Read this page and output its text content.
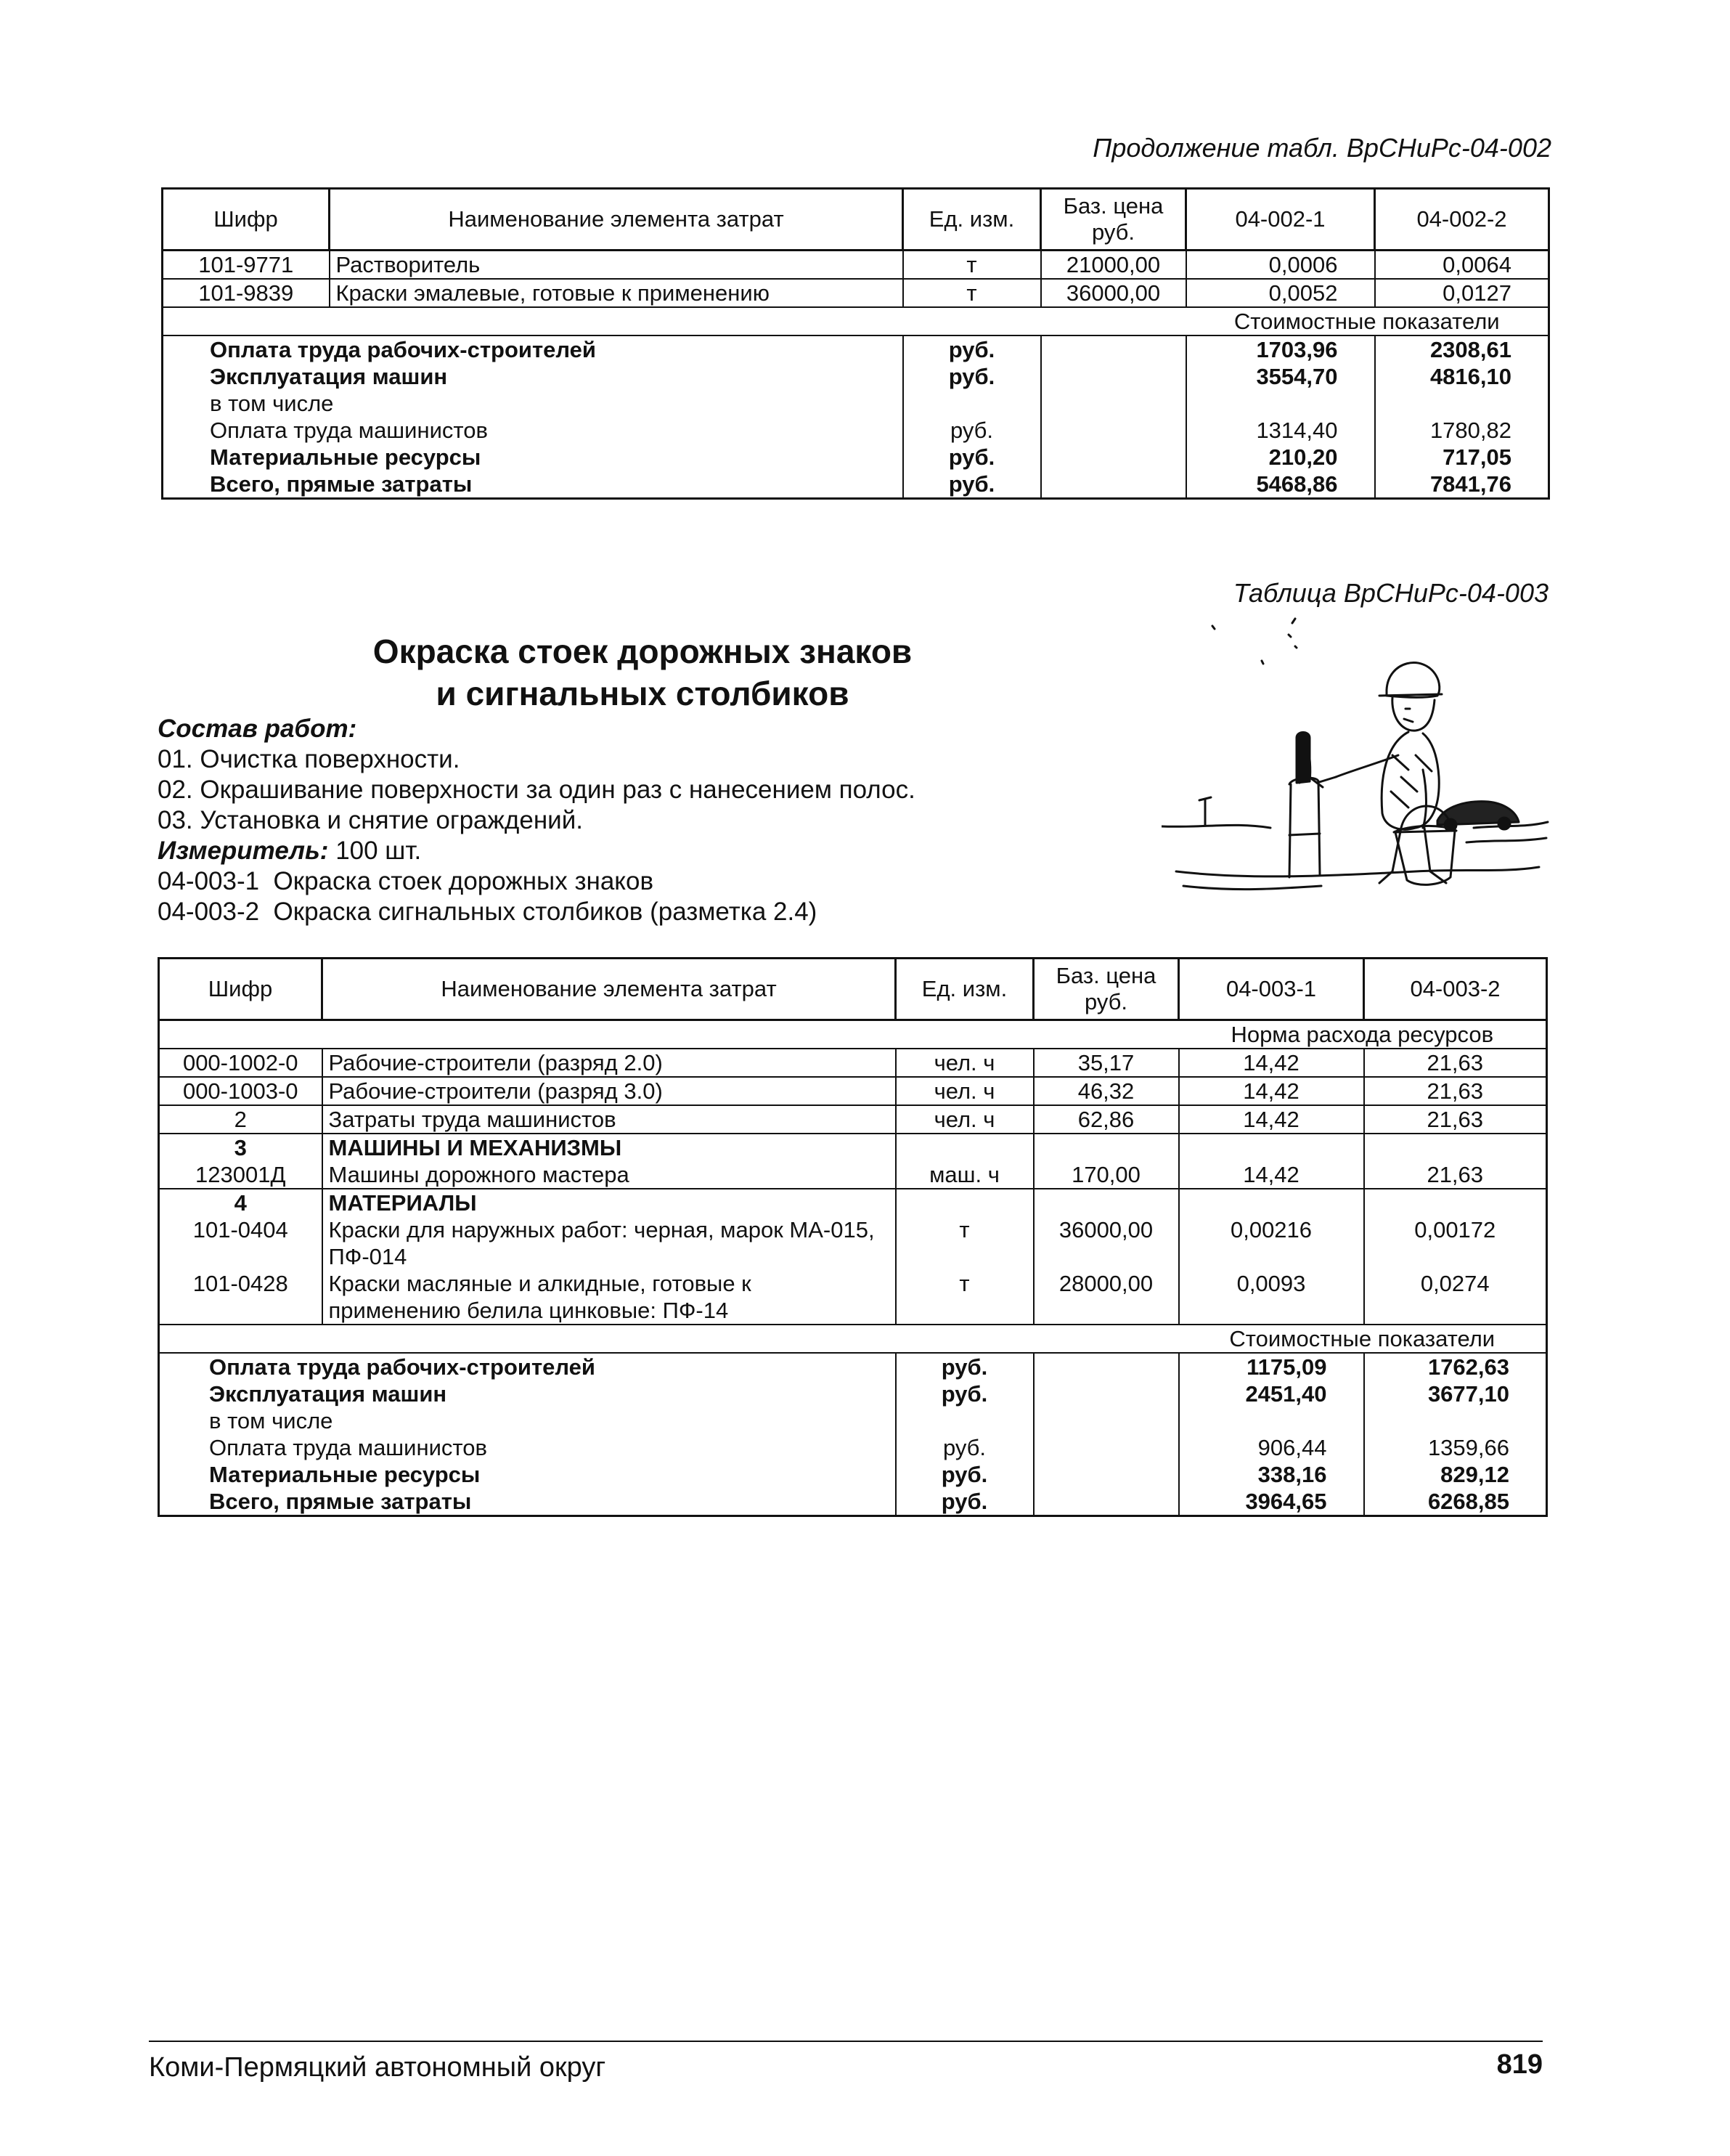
Продолжение табл. ВрСНиРс-04-002
Шифр	Наименование элемента затрат	Ед. изм.	Баз. цена руб.	04-002-1	04-002-2
101-9771	Растворитель	т	21000,00	0,0006	0,0064
101-9839	Краски эмалевые, готовые к применению	т	36000,00	0,0052	0,0127
				Стоимостные показатели	
Оплата труда рабочих-строителей		руб.		1703,96	2308,61
Эксплуатация машин		руб.		3554,70	4816,10
в том числе					
Оплата труда машинистов		руб.		1314,40	1780,82
Материальные ресурсы		руб.		210,20	717,05
Всего, прямые затраты		руб.		5468,86	7841,76
Таблица ВрСНиРс-04-003
Окраска стоек дорожных знаков
и сигнальных столбиков
Состав работ:
01. Очистка поверхности.
02. Окрашивание поверхности за один раз с нанесением полос.
03. Установка и снятие ограждений.
Измеритель: 100 шт.
04-003-1  Окраска стоек дорожных знаков
04-003-2  Окраска сигнальных столбиков (разметка 2.4)
Шифр	Наименование элемента затрат	Ед. изм.	Баз. цена руб.	04-003-1	04-003-2
				Норма расхода ресурсов	
000-1002-0	Рабочие-строители (разряд 2.0)	чел. ч	35,17	14,42	21,63
000-1003-0	Рабочие-строители (разряд 3.0)	чел. ч	46,32	14,42	21,63
2	Затраты труда машинистов	чел. ч	62,86	14,42	21,63
3	МАШИНЫ И МЕХАНИЗМЫ				
123001Д	Машины дорожного мастера	маш. ч	170,00	14,42	21,63
4	МАТЕРИАЛЫ				
101-0404	Краски для наружных работ: черная, марок МА-015, ПФ-014	т	36000,00	0,00216	0,00172
101-0428	Краски масляные и алкидные, готовые к применению белила цинковые: ПФ-14	т	28000,00	0,0093	0,0274
				Стоимостные показатели	
Оплата труда рабочих-строителей		руб.		1175,09	1762,63
Эксплуатация машин		руб.		2451,40	3677,10
в том числе					
Оплата труда машинистов		руб.		906,44	1359,66
Материальные ресурсы		руб.		338,16	829,12
Всего, прямые затраты		руб.		3964,65	6268,85
Коми-Пермяцкий автономный округ	819
